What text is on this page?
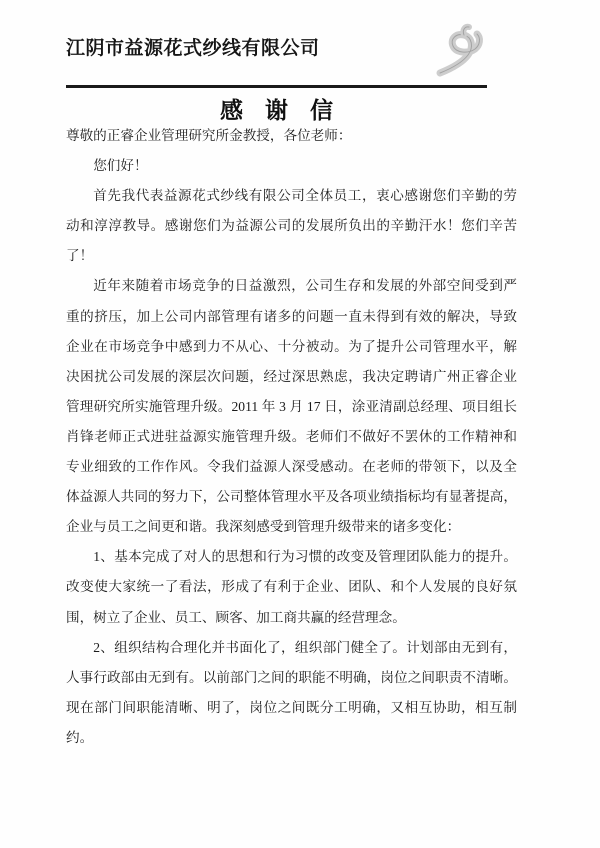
江阴市益源花式纱线有限公司
感谢信
尊敬的正睿企业管理研究所金教授，各位老师：
您们好！
首先我代表益源花式纱线有限公司全体员工，衷心感谢您们辛勤的劳
动和淳淳教导。感谢您们为益源公司的发展所负出的辛勤汗水！您们辛苦
了！
近年来随着市场竞争的日益激烈，公司生存和发展的外部空间受到严
重的挤压，加上公司内部管理有诸多的问题一直未得到有效的解决，导致
企业在市场竞争中感到力不从心、十分被动。为了提升公司管理水平，解
决困扰公司发展的深层次问题，经过深思熟虑，我决定聘请广州正睿企业
管理研究所实施管理升级。2011 年 3 月 17 日，涂亚清副总经理、项目组长
肖锋老师正式进驻益源实施管理升级。老师们不做好不罢休的工作精神和
专业细致的工作作风。令我们益源人深受感动。在老师的带领下，以及全
体益源人共同的努力下，公司整体管理水平及各项业绩指标均有显著提高，
企业与员工之间更和谐。我深刻感受到管理升级带来的诸多变化：
1、基本完成了对人的思想和行为习惯的改变及管理团队能力的提升。
改变使大家统一了看法，形成了有利于企业、团队、和个人发展的良好氛
围，树立了企业、员工、顾客、加工商共赢的经营理念。
2、组织结构合理化并书面化了，组织部门健全了。计划部由无到有，
人事行政部由无到有。以前部门之间的职能不明确，岗位之间职责不清晰。
现在部门间职能清晰、明了，岗位之间既分工明确，又相互协助，相互制
约。
